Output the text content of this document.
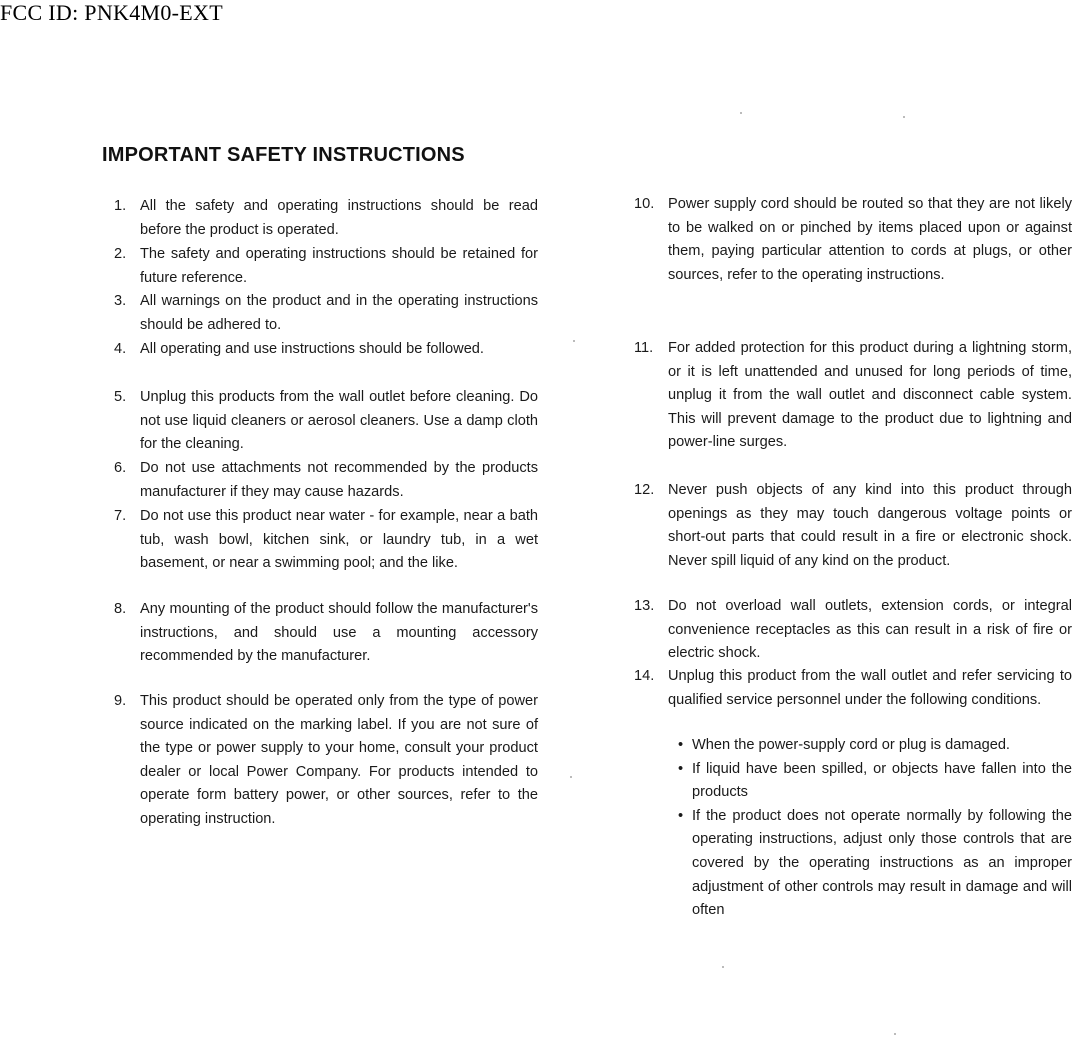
FCC ID: PNK4M0-EXT
IMPORTANT SAFETY INSTRUCTIONS
1. All the safety and operating instructions should be read before the product is operated.
2. The safety and operating instructions should be retained for future reference.
3. All warnings on the product and in the operating instructions should be adhered to.
4. All operating and use instructions should be followed.
5. Unplug this products from the wall outlet before cleaning. Do not use liquid cleaners or aerosol cleaners. Use a damp cloth for the cleaning.
6. Do not use attachments not recommended by the products manufacturer if they may cause hazards.
7. Do not use this product near water - for example, near a bath tub, wash bowl, kitchen sink, or laundry tub, in a wet basement, or near a swimming pool; and the like.
8. Any mounting of the product should follow the manufacturer's instructions, and should use a mounting accessory recommended by the manufacturer.
9. This product should be operated only from the type of power source indicated on the marking label. If you are not sure of the type or power supply to your home, consult your product dealer or local Power Company. For products intended to operate form battery power, or other sources, refer to the operating instruction.
10. Power supply cord should be routed so that they are not likely to be walked on or pinched by items placed upon or against them, paying particular attention to cords at plugs, or other sources, refer to the operating instructions.
11. For added protection for this product during a lightning storm, or it is left unattended and unused for long periods of time, unplug it from the wall outlet and disconnect cable system. This will prevent damage to the product due to lightning and power-line surges.
12. Never push objects of any kind into this product through openings as they may touch dangerous voltage points or short-out parts that could result in a fire or electronic shock. Never spill liquid of any kind on the product.
13. Do not overload wall outlets, extension cords, or integral convenience receptacles as this can result in a risk of fire or electric shock.
14. Unplug this product from the wall outlet and refer servicing to qualified service personnel under the following conditions.
• When the power-supply cord or plug is damaged.
• If liquid have been spilled, or objects have fallen into the products
• If the product does not operate normally by following the operating instructions, adjust only those controls that are covered by the operating instructions as an improper adjustment of other controls may result in damage and will often
